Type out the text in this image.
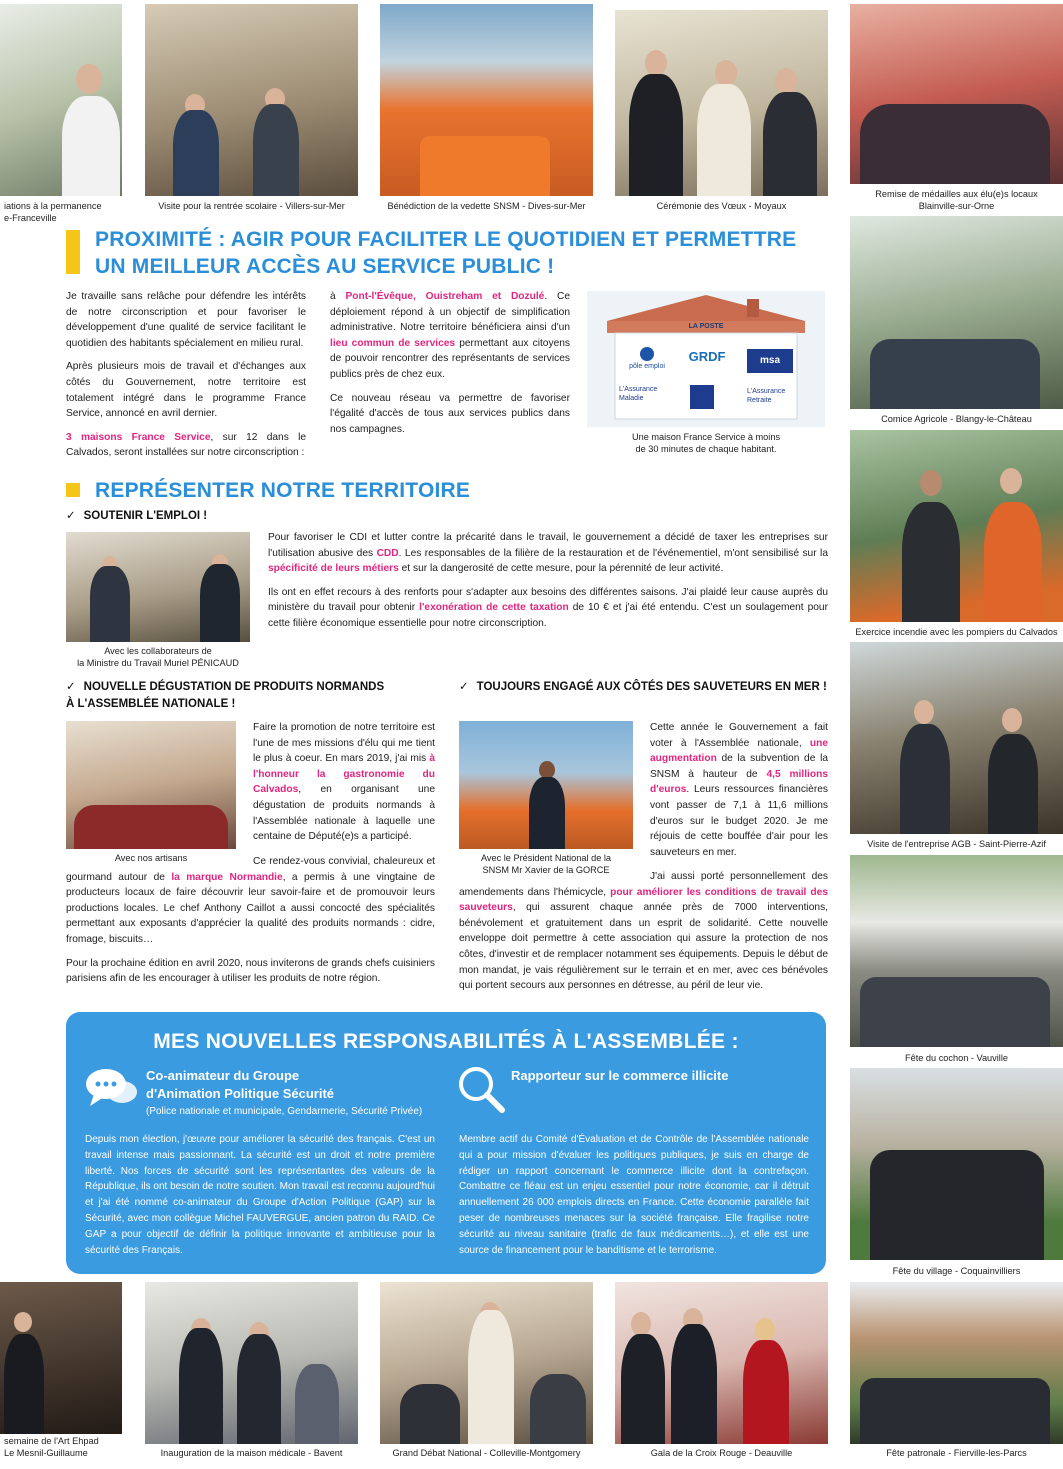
iations à la permanence
e-Franceville
Visite pour la rentrée scolaire - Villers-sur-Mer	Bénédiction de la vedette SNSM - Dives-sur-Mer	Cérémonie des Vœux - Moyaux
Remise de médailles aux élu(e)s locaux
Blainville-sur-Orne
PROXIMITÉ : AGIR POUR FACILITER LE QUOTIDIEN ET PERMETTRE
UN MEILLEUR ACCÈS AU SERVICE PUBLIC !

Je travaille sans relâche pour défendre les intérêts de notre circonscription et pour favoriser le développement d'une qualité de service facilitant le quotidien des habitants spécialement en milieu rural.

Après plusieurs mois de travail et d'échanges aux côtés du Gouvernement, notre territoire est totalement intégré dans le programme France Service, annoncé en avril dernier.

3 maisons France Service, sur 12 dans le Calvados, seront installées sur notre circonscription :

à Pont-l'Évêque, Ouistreham et Dozulé. Ce déploiement répond à un objectif de simplification administrative. Notre territoire bénéficiera ainsi d'un lieu commun de services permettant aux citoyens de pouvoir rencontrer des représentants de services publics près de chez eux.

Ce nouveau réseau va permettre de favoriser l'égalité d'accès de tous aux services publics dans nos campagnes.

LA POSTE

pôle emploi
GRDF	msa
L'Assurance Maladie
L'Assurance Retraite
Une maison France Service à moins
de 30 minutes de chaque habitant.
REPRÉSENTER NOTRE TERRITOIRE
✓ SOUTENIR L'EMPLOI !
Avec les collaborateurs de
la Ministre du Travail Muriel PÉNICAUD

Pour favoriser le CDI et lutter contre la précarité dans le travail, le gouvernement a décidé de taxer les entreprises sur l'utilisation abusive des CDD. Les responsables de la filière de la restauration et de l'événementiel, m'ont sensibilisé sur la spécificité de leurs métiers et sur la dangerosité de cette mesure, pour la pérennité de leur activité.

Ils ont en effet recours à des renforts pour s'adapter aux besoins des différentes saisons. J'ai plaidé leur cause auprès du ministère du travail pour obtenir l'exonération de cette taxation de 10 € et j'ai été entendu. C'est un soulagement pour cette filière économique essentielle pour notre circonscription.

✓ NOUVELLE DÉGUSTATION DE PRODUITS NORMANDS
À L'ASSEMBLÉE NATIONALE !
Avec nos artisans

Faire la promotion de notre territoire est l'une de mes missions d'élu qui me tient le plus à coeur. En mars 2019, j'ai mis à l'honneur la gastronomie du Calvados, en organisant une dégustation de produits normands à l'Assemblée nationale à laquelle une centaine de Député(e)s a participé.

Ce rendez-vous convivial, chaleureux et gourmand autour de la marque Normandie, a permis à une vingtaine de producteurs locaux de faire découvrir leur savoir-faire et de promouvoir leurs productions locales. Le chef Anthony Caillot a aussi concocté des spécialités permettant aux exposants d'apprécier la qualité des produits normands : cidre, fromage, biscuits…

Pour la prochaine édition en avril 2020, nous inviterons de grands chefs cuisiniers parisiens afin de les encourager à utiliser les produits de notre région.

✓ TOUJOURS ENGAGÉ AUX CÔTÉS DES SAUVETEURS EN MER !
Avec le Président National de la
SNSM Mr Xavier de la GORCE

Cette année le Gouvernement a fait voter à l'Assemblée nationale, une augmentation de la subvention de la SNSM à hauteur de 4,5 millions d'euros. Leurs ressources financières vont passer de 7,1 à 11,6 millions d'euros sur le budget 2020. Je me réjouis de cette bouffée d'air pour les sauveteurs en mer.

J'ai aussi porté personnellement des amendements dans l'hémicycle, pour améliorer les conditions de travail des sauveteurs, qui assurent chaque année près de 7000 interventions, bénévolement et gratuitement dans un esprit de solidarité. Cette nouvelle enveloppe doit permettre à cette association qui assure la protection de nos côtes, d'investir et de remplacer notamment ses équipements. Depuis le début de mon mandat, je vais régulièrement sur le terrain et en mer, avec ces bénévoles qui portent secours aux personnes en détresse, au péril de leur vie.

MES NOUVELLES RESPONSABILITÉS À L'ASSEMBLÉE :
Co-animateur du Groupe
d'Animation Politique Sécurité
(Police nationale et municipale, Gendarmerie, Sécurité Privée)
Depuis mon élection, j'œuvre pour améliorer la sécurité des français. C'est un travail intense mais passionnant. La sécurité est un droit et notre première liberté. Nos forces de sécurité sont les représentantes des valeurs de la République, ils ont besoin de notre soutien. Mon travail est reconnu aujourd'hui et j'ai été nommé co-animateur du Groupe d'Action Politique (GAP) sur la Sécurité, avec mon collègue Michel FAUVERGUE, ancien patron du RAID. Ce GAP a pour objectif de définir la politique innovante et ambitieuse pour la sécurité des Français.
Rapporteur sur le commerce illicite
Membre actif du Comité d'Évaluation et de Contrôle de l'Assemblée nationale qui a pour mission d'évaluer les politiques publiques, je suis en charge de rédiger un rapport concernant le commerce illicite dont la contrefaçon. Combattre ce fléau est un enjeu essentiel pour notre économie, car il détruit annuellement 26 000 emplois directs en France. Cette économie parallèle fait peser de nombreuses menaces sur la société française. Elle fragilise notre sécurité au niveau sanitaire (trafic de faux médicaments…), et elle est une source de financement pour le banditisme et le terrorisme.
Comice Agricole - Blangy-le-Château
Exercice incendie avec les pompiers du Calvados
Visite de l'entreprise AGB - Saint-Pierre-Azif
Fête du cochon - Vauville
Fête du village - Coquainvilliers
semaine de l'Art Ehpad
Le Mesnil-Guillaume	Inauguration de la maison médicale - Bavent	Grand Débat National - Colleville-Montgomery	Gala de la Croix Rouge - Deauville	Fête patronale - Fierville-les-Parcs
